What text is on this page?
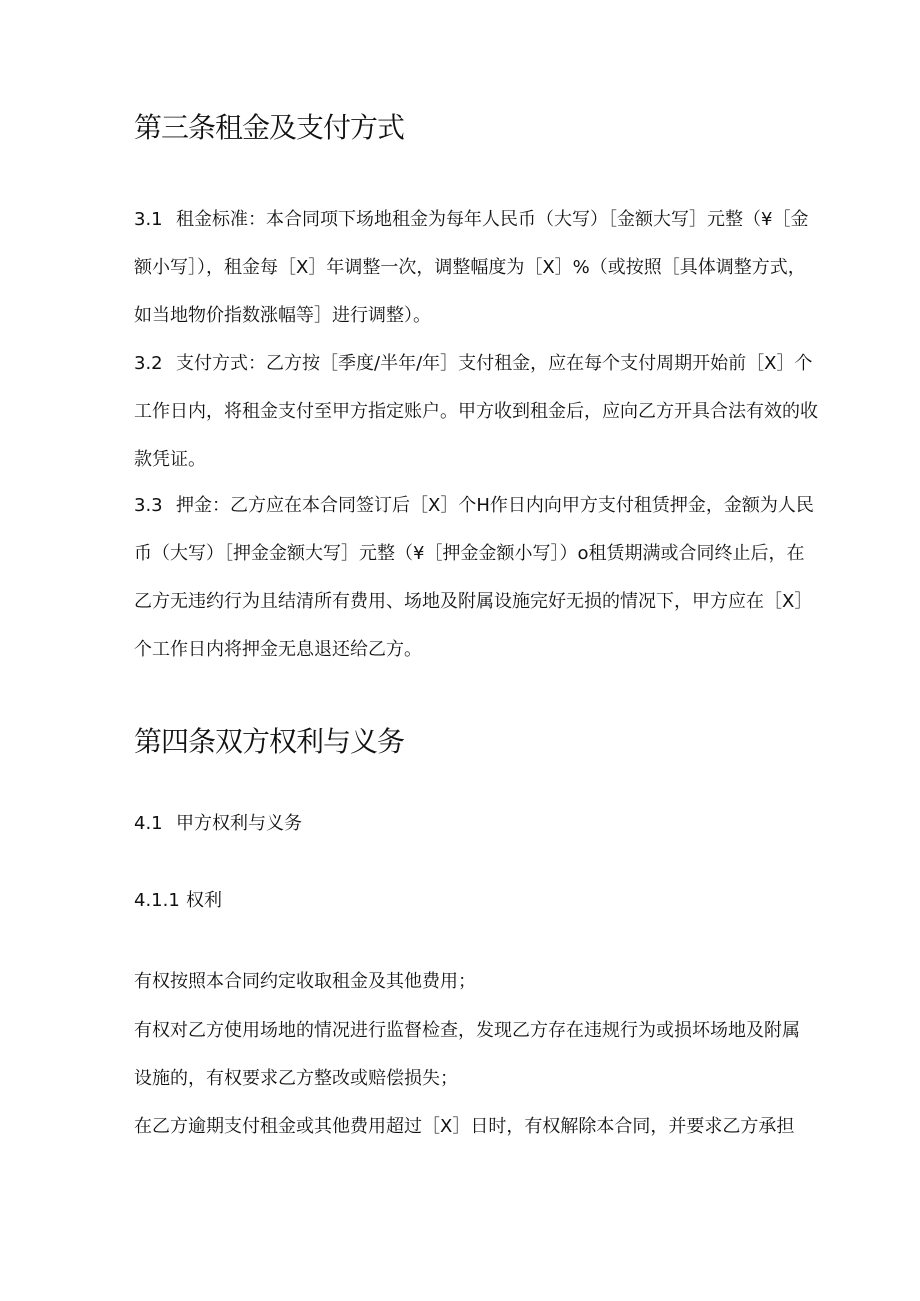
第三条租金及支付方式
3.1 租金标准：本合同项下场地租金为每年人民币（大写）［金额大写］元整（¥［金
额小写］），租金每［X］年调整一次，调整幅度为［X］%（或按照［具体调整方式，
如当地物价指数涨幅等］进行调整）。
3.2 支付方式：乙方按［季度/半年/年］支付租金，应在每个支付周期开始前［X］个
工作日内，将租金支付至甲方指定账户。甲方收到租金后，应向乙方开具合法有效的收
款凭证。
3.3 押金：乙方应在本合同签订后［X］个H作日内向甲方支付租赁押金，金额为人民
币（大写）［押金金额大写］元整（¥［押金金额小写］）o租赁期满或合同终止后，在
乙方无违约行为且结清所有费用、场地及附属设施完好无损的情况下，甲方应在［X］
个工作日内将押金无息退还给乙方。
第四条双方权利与义务
4.1 甲方权利与义务
4.1.1 权利
有权按照本合同约定收取租金及其他费用；
有权对乙方使用场地的情况进行监督检查，发现乙方存在违规行为或损坏场地及附属
设施的，有权要求乙方整改或赔偿损失；
在乙方逾期支付租金或其他费用超过［X］日时，有权解除本合同，并要求乙方承担
